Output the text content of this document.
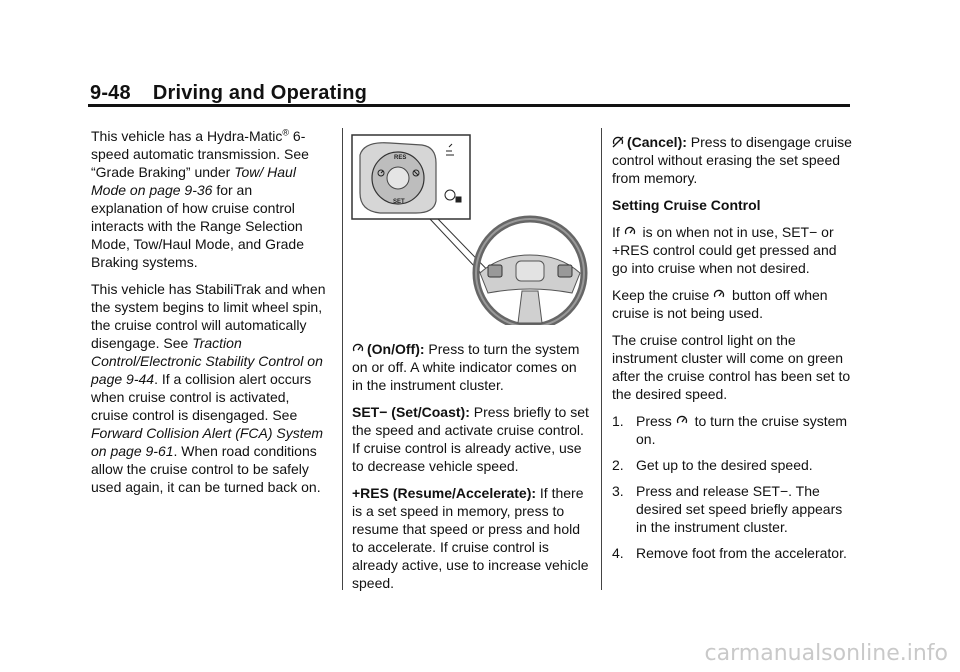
9-48 Driving and Operating

This vehicle has a Hydra-Matic® 6-speed automatic transmission. See “Grade Braking” under Tow/ Haul Mode on page 9-36 for an explanation of how cruise control interacts with the Range Selection Mode, Tow/Haul Mode, and Grade Braking systems.

This vehicle has StabiliTrak and when the system begins to limit wheel spin, the cruise control will automatically disengage. See Traction Control/Electronic Stability Control on page 9-44. If a collision alert occurs when cruise control is activated, cruise control is disengaged. See Forward Collision Alert (FCA) System on page 9-61. When road conditions allow the cruise control to be safely used again, it can be turned back on.

RES
SET

(On/Off): Press to turn the system on or off. A white indicator comes on in the instrument cluster.

SET− (Set/Coast): Press briefly to set the speed and activate cruise control. If cruise control is already active, use to decrease vehicle speed.

+RES (Resume/Accelerate): If there is a set speed in memory, press to resume that speed or press and hold to accelerate. If cruise control is already active, use to increase vehicle speed.

(Cancel): Press to disengage cruise control without erasing the set speed from memory.

Setting Cruise Control

If
is on when not in use, SET− or +RES control could get pressed and go into cruise when not desired.

Keep the cruise
button off when cruise is not being used.

The cruise control light on the instrument cluster will come on green after the cruise control has been set to the desired speed.

1. Press
to turn the cruise system on.
2. Get up to the desired speed.
3. Press and release SET−. The desired set speed briefly appears in the instrument cluster.
4. Remove foot from the accelerator.
carmanualsonline.info
